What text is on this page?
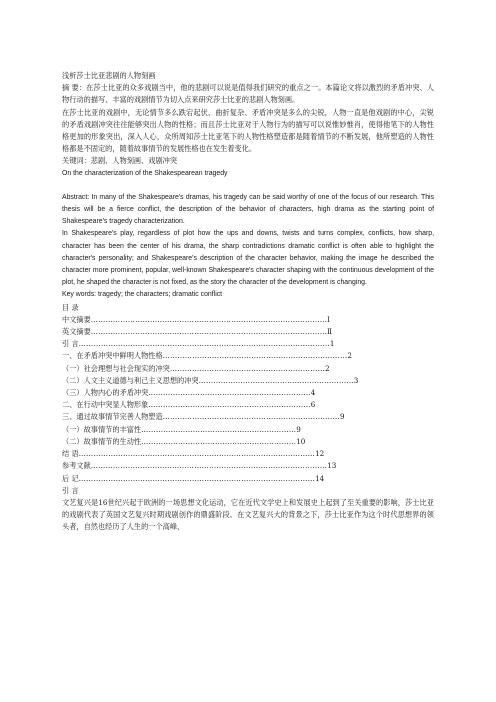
浅析莎士比亚悲剧的人物刻画
摘 要：在莎士比亚的众多戏剧当中，他的悲剧可以说是值得我们研究的重点之一。本篇论文将以激烈的矛盾冲突、人物行动的描写、丰富的戏剧情节为切入点来研究莎士比亚的悲剧人物刻画。
在莎士比亚的戏剧中，无论情节多么跌宕起伏、曲折复杂、矛盾冲突是多么的尖锐，人物一直是他戏剧的中心，尖锐的矛盾戏剧冲突往往能够突出人物的性格；而且莎士比亚对于人物行为的描写可以说惟妙惟肖，使得他笔下的人物性格更加的形象突出，深入人心，众所周知莎士比亚笔下的人物性格塑造都是随着情节的不断发展，他所塑造的人物性格都是不固定的，随着故事情节的发展性格也在发生着变化。
关键词：悲剧、人物刻画、戏剧冲突
On the characterization of the Shakespearean tragedy
Abstract: In many of the Shakespeare's dramas, his tragedy can be said worthy of one of the focus of our research. This thesis will be a fierce conflict, the description of the behavior of characters, high drama as the starting point of Shakespeare's tragedy characterization.
In Shakespeare's play, regardless of plot how the ups and downs, twists and turns complex, conflicts, how sharp, character has been the center of his drama, the sharp contradictions dramatic conflict is often able to highlight the character's personality; and Shakespeare's description of the character behavior, making the image he described the character more prominent, popular, well-known Shakespeare's character shaping with the continuous development of the plot, he shaped the character is not fixed, as the story the character of the development is changing.
Key words: tragedy; the characters; dramatic conflict
目 录
中文摘要 …………………………………………………………………………………… Ⅰ
英文摘要 …………………………………………………………………………………… Ⅱ
引 言 ………………………………………………………………………………………… 1
一、在矛盾冲突中鲜明人物性格 ………………………………………………………………… 2
（一）社会理想与社会现实的冲突 ……………………………………………………… 2
（二）人文主义道德与利己主义思想的冲突 ……………………………………………………… 3
（三）人物内心的矛盾冲突 ………………………………………………………… 4
二、在行动中突显人物形象 ………………………………………………………… 6
三、通过故事情节完善人物塑造 ……………………………………………………………… 9
（一）故事情节的丰富性 ……………………………………………………… 9
（二）故事情节的生动性 ……………………………………………………… 10
结 语 …………………………………………………………………………………… 12
参考文献 …………………………………………………………………………………… 13
后 记 …………………………………………………………………………………… 14
引 言
文艺复兴是16世纪兴起于欧洲的一场思想文化运动，它在近代文学史上和发展史上起到了至关重要的影响，莎士比亚的戏剧代表了英国文艺复兴时期戏剧创作的鼎盛阶段。在文艺复兴大的背景之下，莎士比亚作为这个时代思想界的领头者，自然也经历了人生的一个高峰，
